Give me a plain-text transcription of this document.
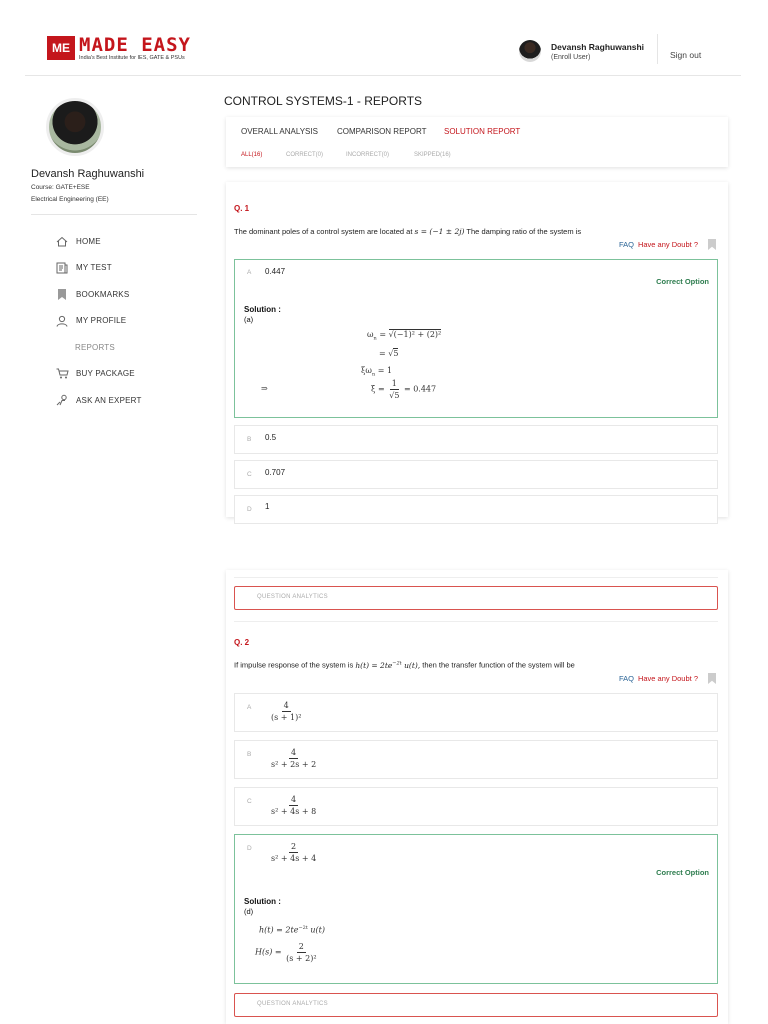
ME MADE EASY
India's Best Institute for IES, GATE & PSUs
Devansh Raghuwanshi
(Enroll User)	Sign out
Devansh Raghuwanshi
Course: GATE+ESE
Electrical Engineering (EE)
HOME
MY TEST
BOOKMARKS
MY PROFILE
REPORTS
BUY PACKAGE
ASK AN EXPERT
CONTROL SYSTEMS-1 - REPORTS
OVERALL ANALYSIS COMPARISON REPORT SOLUTION REPORT
ALL(16)	CORRECT(0)	INCORRECT(0)	SKIPPED(16)
Q. 1
The dominant poles of a control system are located at s = (−1 ± 2j) The damping ratio of the system is
FAQ Have any Doubt ?
A 0.447
Correct Option
Solution :
(a)
$\omega_n = √(-1)^2 + (2)^2$
= √5
$\xi\omega_n = 1$
⇒	$\xi = \frac{1}{√5} = 0.447$
B 0.5
C 0.707
D 1
QUESTION ANALYTICS
Q. 2
If impulse response of the system is $h(t) = 2te^{-2t}$ u(t), then the transfer function of the system will be
FAQ Have any Doubt ?
A $\frac{4}{\text{(s + 1)²}}$
B $\frac{4}{\text{s² + 2s + 2}}$
C $\frac{4}{\text{s² + 4s + 8}}$
D $\frac{2}{\text{s² + 4s + 4}}$
Correct Option
Solution :
(d)
$h(t) = 2te^{-2t}$ u(t)
$H(s) = \frac{2}{\text{(s + 2)²}}$
QUESTION ANALYTICS
